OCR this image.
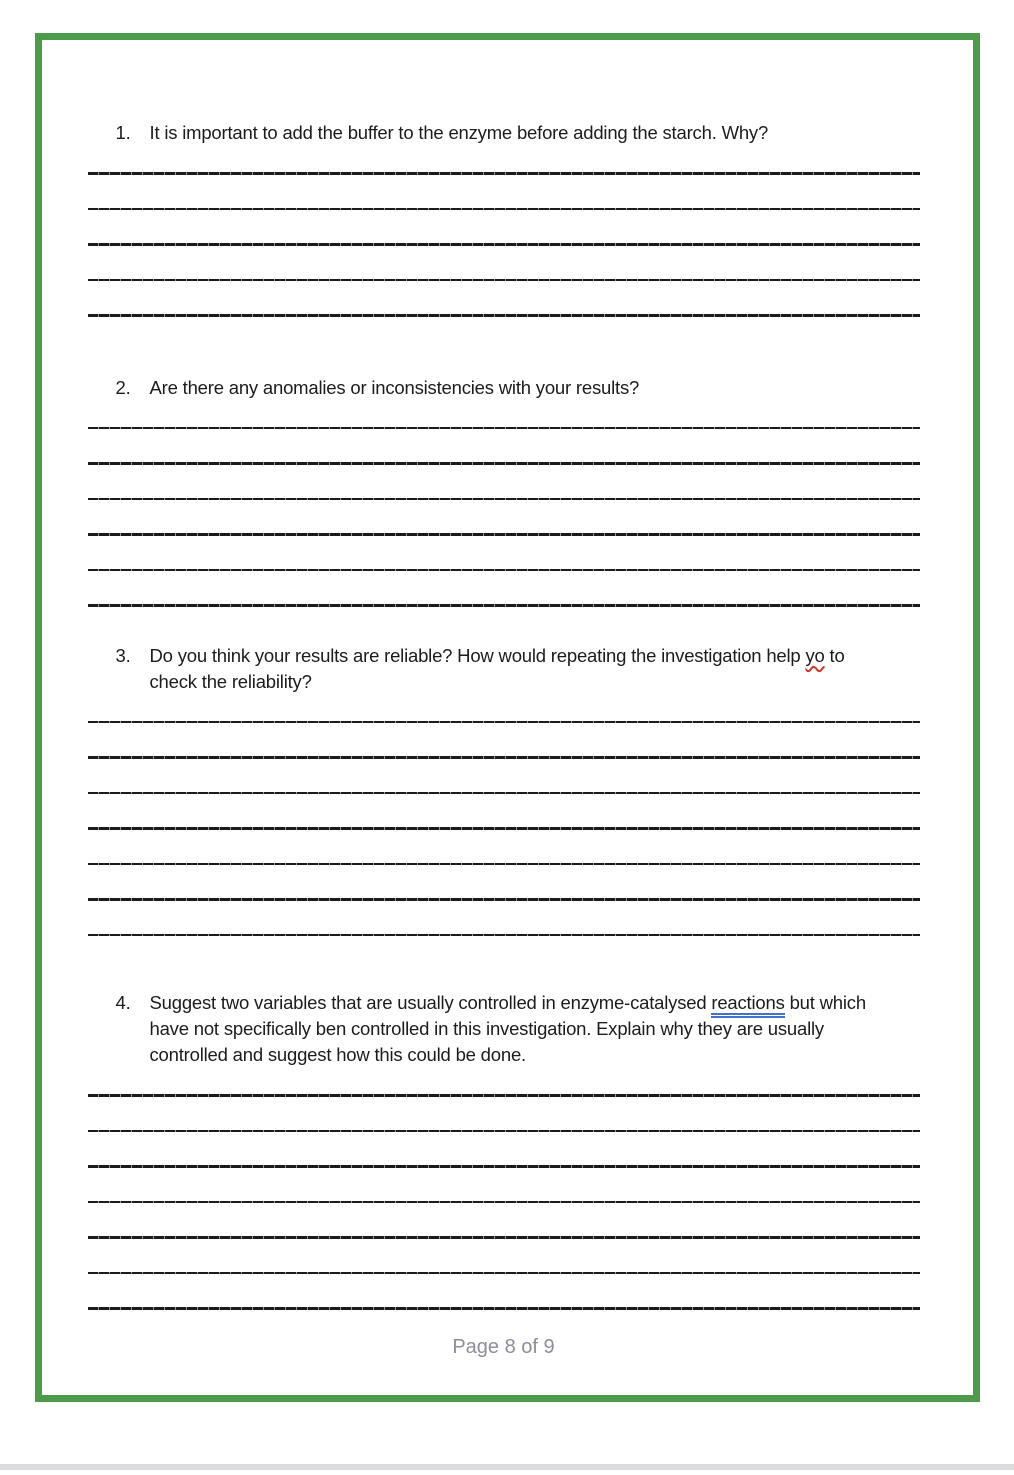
1.	It is important to add the buffer to the enzyme before adding the starch. Why?
2.	Are there any anomalies or inconsistencies with your results?
3.	Do you think your results are reliable? How would repeating the investigation help yo to
check the reliability?
4.	Suggest two variables that are usually controlled in enzyme-catalysed reactions but which
have not specifically ben controlled in this investigation. Explain why they are usually
controlled and suggest how this could be done.
Page 8 of 9
